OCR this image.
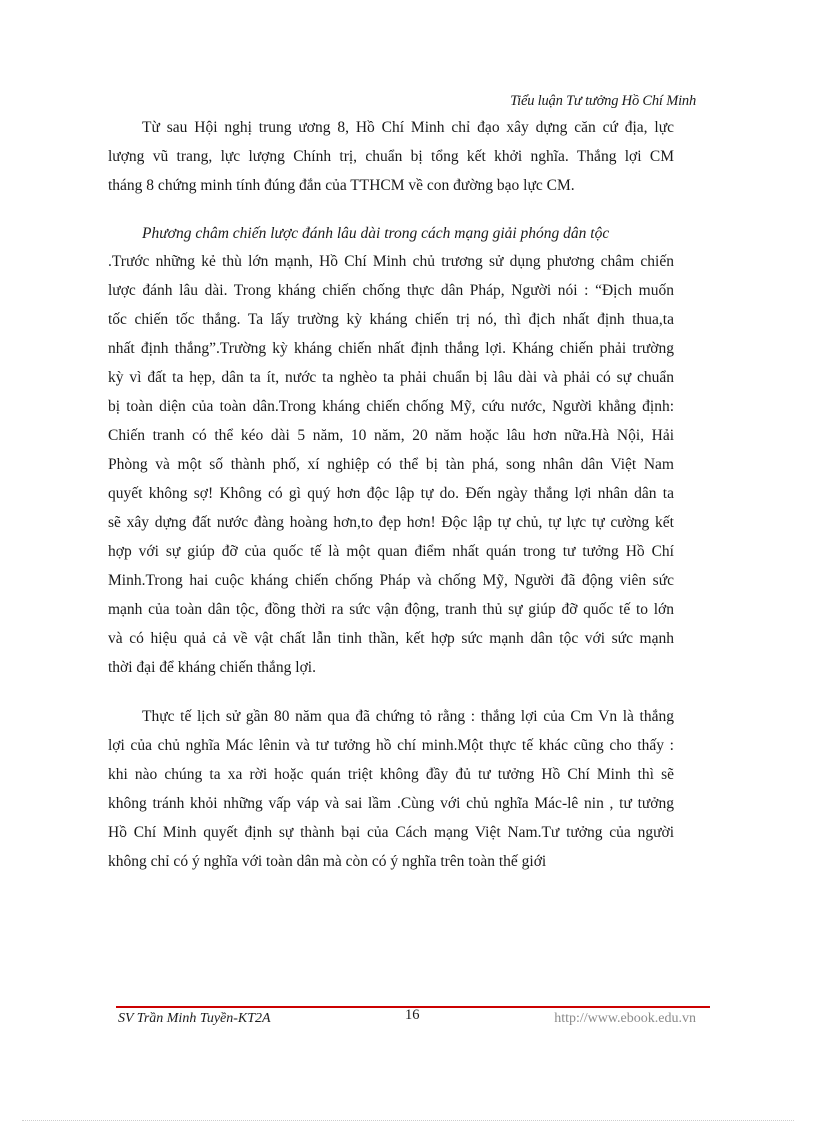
Tiểu luận Tư tưởng Hồ Chí Minh

Từ sau Hội nghị trung ương 8, Hồ Chí Minh chỉ đạo xây dựng căn cứ địa, lực
lượng vũ trang, lực lượng Chính trị, chuẩn bị tổng kết khởi nghĩa. Thắng lợi CM
tháng 8 chứng minh tính đúng đắn của TTHCM về con đường bạo lực CM.

Phương châm chiến lược đánh lâu dài trong cách mạng giải phóng dân tộc

.Trước những kẻ thù lớn mạnh, Hồ Chí Minh chủ trương sử dụng phương châm chiến
lược đánh lâu dài. Trong kháng chiến chống thực dân Pháp, Người nói : “Địch muốn
tốc chiến tốc thắng. Ta lấy trường kỳ kháng chiến trị nó, thì địch nhất định thua,ta
nhất định thắng”.Trường kỳ kháng chiến nhất định thắng lợi. Kháng chiến phải trường
kỳ vì đất ta hẹp, dân ta ít, nước ta nghèo ta phải chuẩn bị lâu dài và phải có sự chuẩn
bị toàn diện của toàn dân.Trong kháng chiến chống Mỹ, cứu nước, Người khẳng định:
Chiến tranh có thể kéo dài 5 năm, 10 năm, 20 năm hoặc lâu hơn nữa.Hà Nội, Hải
Phòng và một số thành phố, xí nghiệp có thể bị tàn phá, song nhân dân Việt Nam
quyết không sợ! Không có gì quý hơn độc lập tự do. Đến ngày thắng lợi nhân dân ta
sẽ xây dựng đất nước đàng hoàng hơn,to đẹp hơn! Độc lập tự chủ, tự lực tự cường kết
hợp với sự giúp đỡ của quốc tế là một quan điểm nhất quán trong tư tưởng Hồ Chí
Minh.Trong hai cuộc kháng chiến chống Pháp và chống Mỹ, Người đã động viên sức
mạnh của toàn dân tộc, đồng thời ra sức vận động, tranh thủ sự giúp đỡ quốc tế to lớn
và có hiệu quả cả về vật chất lẫn tinh thần, kết hợp sức mạnh dân tộc với sức mạnh
thời đại để kháng chiến thắng lợi.

Thực tế lịch sử gần 80 năm qua đã chứng tỏ rằng : thắng lợi của Cm Vn là thắng
lợi của chủ nghĩa Mác lênin và tư tưởng hồ chí minh.Một thực tế khác cũng cho thấy :
khi nào chúng ta xa rời hoặc quán triệt không đầy đủ tư tưởng Hồ Chí Minh thì sẽ
không tránh khỏi những vấp váp và sai lầm .Cùng với chủ nghĩa Mác-lê nin , tư tưởng
Hồ Chí Minh quyết định sự thành bại của Cách mạng Việt Nam.Tư tưởng của người
không chỉ có ý nghĩa với toàn dân mà còn có ý nghĩa trên toàn thế giới

SV Trần Minh Tuyền-KT2A	16	http://www.ebook.edu.vn
